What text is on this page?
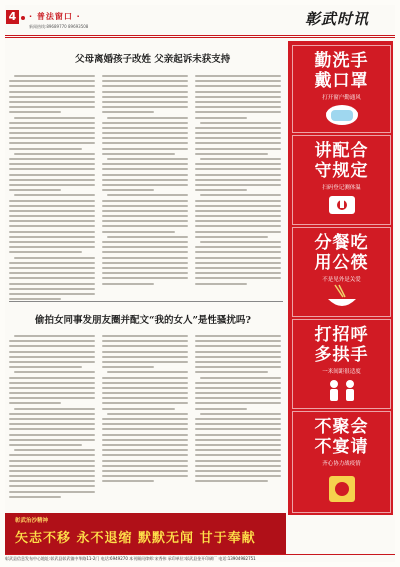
4	· 普法窗口 ·
新闻热线:89689770 89693508	彰武时讯
父母离婚孩子改姓 父亲起诉未获支持
偷拍女同事发朋友圈并配文“我的女人”是性骚扰吗?
勤洗手
戴口罩
打开窗户勤通风
讲配合
守规定
扫码登记测体温
分餐吃
用公筷
不是见外是关爱
打招呼
多拱手
一米间距很适度
不聚会
不宴请
齐心协力战疫情
彰武治沙精神
矢志不移 永不退缩 默默无闻 甘于奉献
彰武县信息发布中心地址:彰武县彰武镇中华路11-2门 电话:6949270 本刊顾问律师:宋秀伟 承印单位:彰武县金开印刷厂 电话:13904982751
